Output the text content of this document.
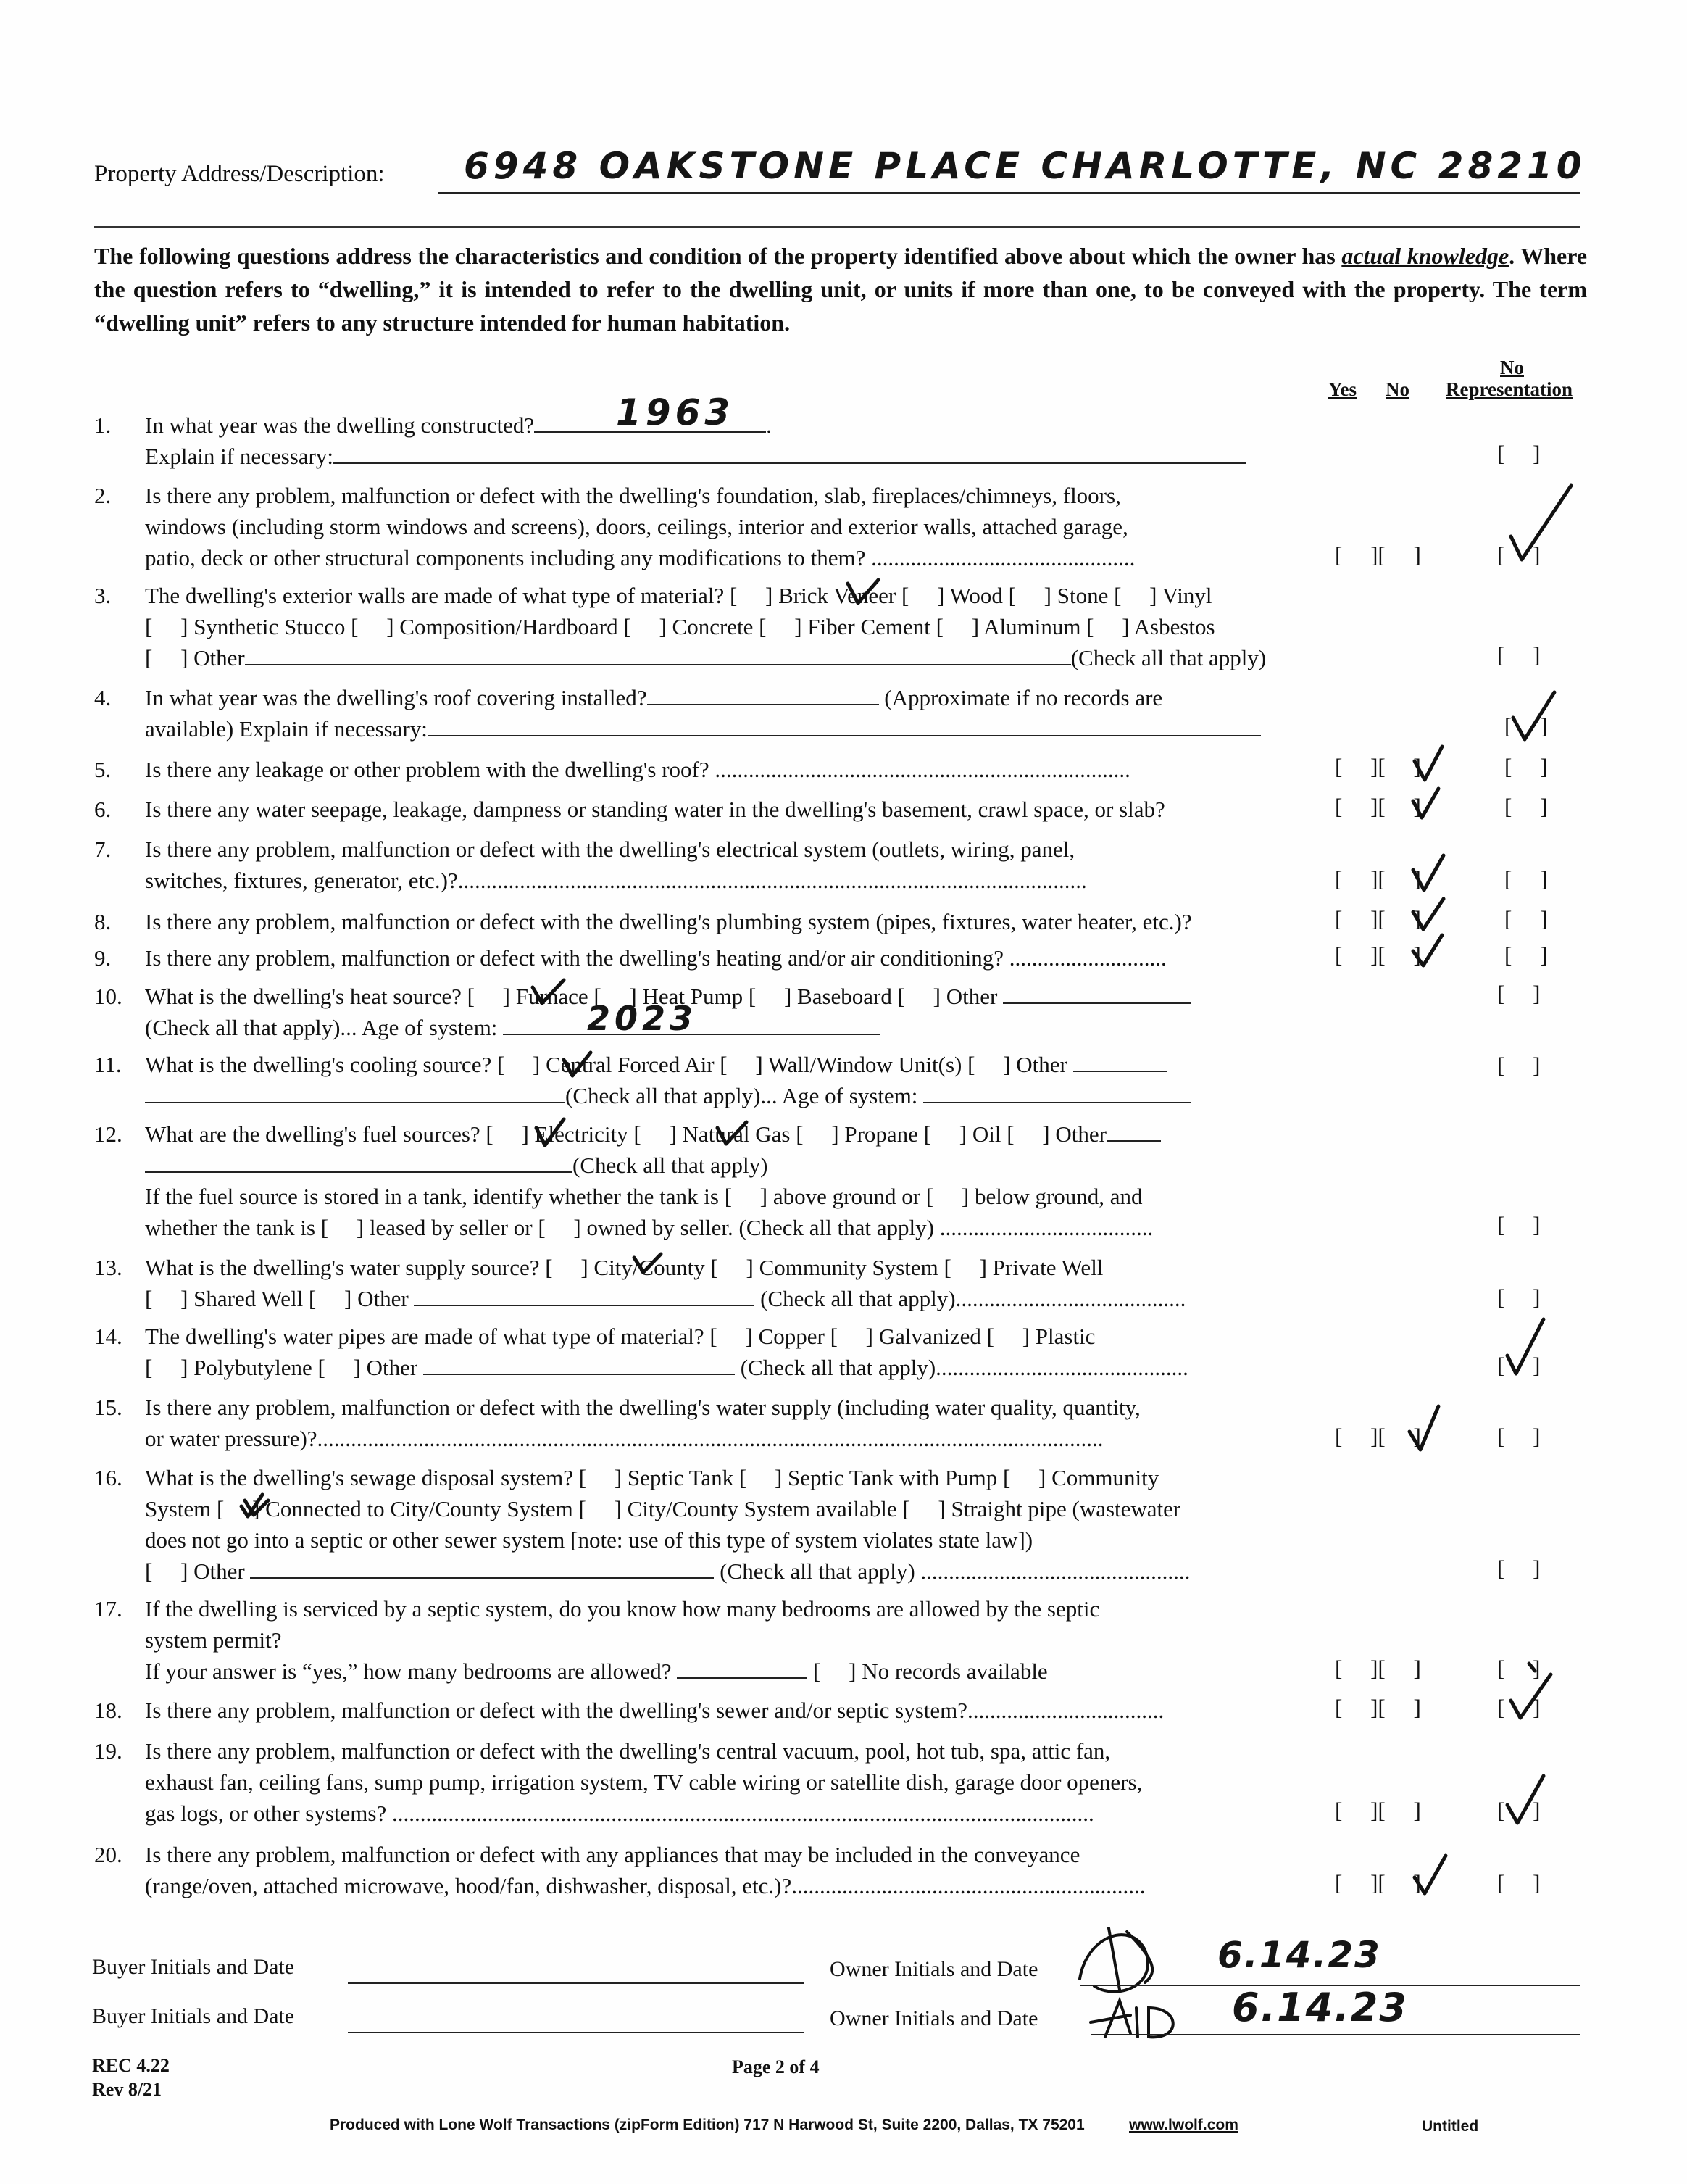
Property Address/Description: 6948 OAKSTONE PLACE CHARLOTTE, NC 28210
The following questions address the characteristics and condition of the property identified above about which the owner has actual knowledge. Where the question refers to “dwelling,” it is intended to refer to the dwelling unit, or units if more than one, to be conveyed with the property. The term “dwelling unit” refers to any structure intended for human habitation.
Yes No
No
Representation
1. In what year was the dwelling constructed?	.
Explain if necessary:
1963
[  ]
2. Is there any problem, malfunction or defect with the dwelling's foundation, slab, fireplaces/chimneys, floors,
windows (including storm windows and screens), doors, ceilings, interior and exterior walls, attached garage,
patio, deck or other structural components including any modifications to them? ...............................................	[  ][  ]	[  ]
3. The dwelling's exterior walls are made of what type of material? [  ] Brick Veneer [  ] Wood [  ] Stone [  ] Vinyl
[  ] Synthetic Stucco [  ] Composition/Hardboard [  ] Concrete [  ] Fiber Cement [  ] Aluminum [  ] Asbestos
[  ] Other	(Check all that apply)	[  ]
4. In what year was the dwelling's roof covering installed?	(Approximate if no records are
available) Explain if necessary:	[  ]
5. Is there any leakage or other problem with the dwelling's roof? ..........................................................................	[  ][  ]	[  ]
6. Is there any water seepage, leakage, dampness or standing water in the dwelling's basement, crawl space, or slab?	[  ][  ]	[  ]
7. Is there any problem, malfunction or defect with the dwelling's electrical system (outlets, wiring, panel,
switches, fixtures, generator, etc.)?................................................................................................................	[  ][  ]	[  ]
8. Is there any problem, malfunction or defect with the dwelling's plumbing system (pipes, fixtures, water heater, etc.)?	[  ][  ]	[  ]
9. Is there any problem, malfunction or defect with the dwelling's heating and/or air conditioning? ............................	[  ][  ]	[  ]
10. What is the dwelling's heat source? [  ] Furnace [  ] Heat Pump [  ] Baseboard [  ] Other
(Check all that apply)... Age of system:	2023
[  ]
11. What is the dwelling's cooling source? [  ] Central Forced Air [  ] Wall/Window Unit(s) [  ] Other
(Check all that apply)... Age of system:
[  ]
12. What are the dwelling's fuel sources? [  ] Electricity [  ] Natural Gas [  ] Propane [  ] Oil [  ] Other
(Check all that apply)
If the fuel source is stored in a tank, identify whether the tank is [  ] above ground or [  ] below ground, and
whether the tank is [  ] leased by seller or [  ] owned by seller. (Check all that apply) ......................................	[  ]
13. What is the dwelling's water supply source? [  ] City/County [  ] Community System [  ] Private Well
[  ] Shared Well [  ] Other	(Check all that apply).........................................	[  ]
14. The dwelling's water pipes are made of what type of material? [  ] Copper [  ] Galvanized [  ] Plastic
[  ] Polybutylene [  ] Other	(Check all that apply).............................................	[  ]
15. Is there any problem, malfunction or defect with the dwelling's water supply (including water quality, quantity,
or water pressure)?............................................................................................................................................	[  ][  ]	[  ]
16. What is the dwelling's sewage disposal system? [  ] Septic Tank [  ] Septic Tank with Pump [  ] Community
System [  ] Connected to City/County System [  ] City/County System available [  ] Straight pipe (wastewater
does not go into a septic or other sewer system [note: use of this type of system violates state law])
[  ] Other	(Check all that apply) ................................................	[  ]
17. If the dwelling is serviced by a septic system, do you know how many bedrooms are allowed by the septic
system permit?
If your answer is “yes,” how many bedrooms are allowed?	[  ] No records available	[  ][  ]	[  ]
18. Is there any problem, malfunction or defect with the dwelling's sewer and/or septic system?...................................	[  ][  ]	[  ]
19. Is there any problem, malfunction or defect with the dwelling's central vacuum, pool, hot tub, spa, attic fan,
exhaust fan, ceiling fans, sump pump, irrigation system, TV cable wiring or satellite dish, garage door openers,
gas logs, or other systems? .............................................................................................................................	[  ][  ]	[  ]
20. Is there any problem, malfunction or defect with any appliances that may be included in the conveyance
(range/oven, attached microwave, hood/fan, dishwasher, disposal, etc.)?...............................................................	[  ][  ]	[  ]
Buyer Initials and Date	Owner Initials and Date	6.14.23
Buyer Initials and Date	Owner Initials and Date	6.14.23
REC 4.22
Rev 8/21
Page 2 of 4
Produced with Lone Wolf Transactions (zipForm Edition) 717 N Harwood St, Suite 2200, Dallas, TX 75201	www.lwolf.com	Untitled
